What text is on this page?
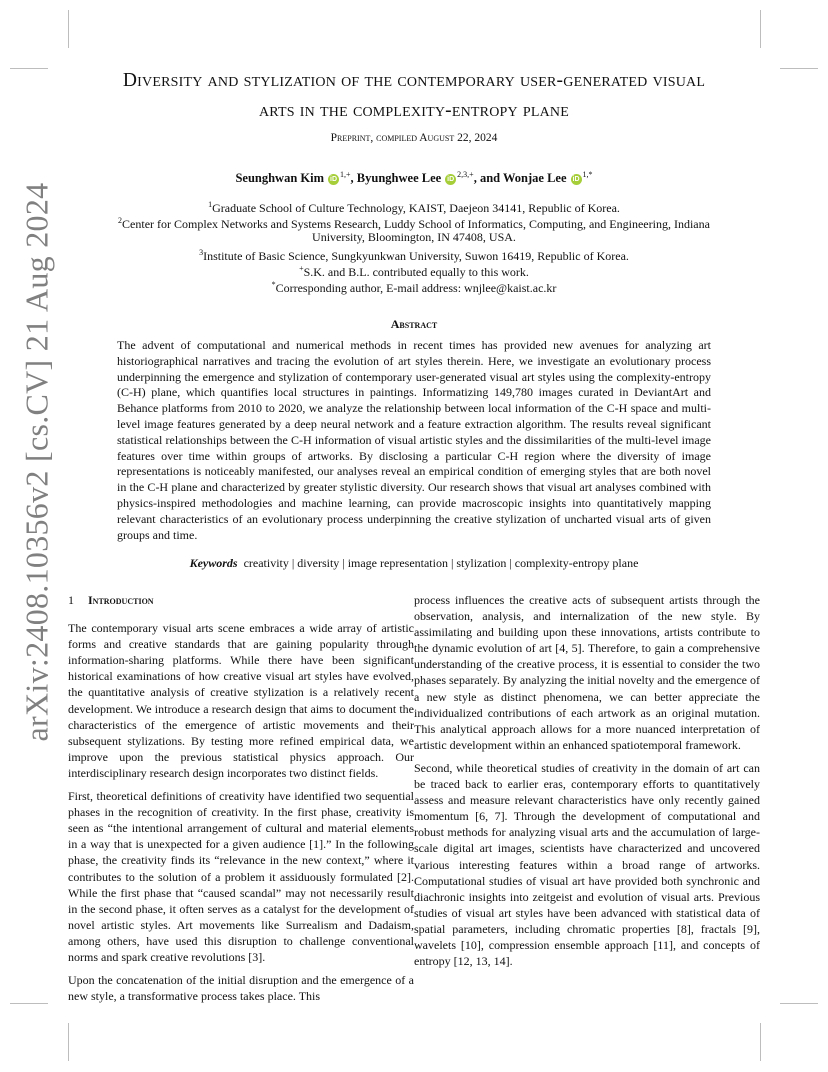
arXiv:2408.10356v2 [cs.CV] 21 Aug 2024
Diversity and stylization of the contemporary user-generated visual
arts in the complexity-entropy plane
Preprint, compiled August 22, 2024
Seunghwan Kim $iD^{1,+}$, Byunghwee Lee $iD^{2,3,+}$, and Wonjae Lee $iD^{1,*}$
$^1$Graduate School of Culture Technology, KAIST, Daejeon 34141, Republic of Korea.
$^2$Center for Complex Networks and Systems Research, Luddy School of Informatics, Computing, and Engineering, Indiana
University, Bloomington, IN 47408, USA.
$^3$Institute of Basic Science, Sungkyunkwan University, Suwon 16419, Republic of Korea.
+S.K. and B.L. contributed equally to this work.
*Corresponding author, E-mail address: wnjlee@kaist.ac.kr
Abstract

The advent of computational and numerical methods in recent times has provided new avenues for analyzing art historiographical narratives and tracing the evolution of art styles therein. Here, we investigate an evolutionary process underpinning the emergence and stylization of contemporary user-generated visual art styles using the complexity-entropy (C-H) plane, which quantifies local structures in paintings. Informatizing 149,780 images curated in DeviantArt and Behance platforms from 2010 to 2020, we analyze the relationship between local information of the C-H space and multi-level image features generated by a deep neural network and a feature extraction algorithm. The results reveal significant statistical relationships between the C-H information of visual artistic styles and the dissimilarities of the multi-level image features over time within groups of artworks. By disclosing a particular C-H region where the diversity of image representations is noticeably manifested, our analyses reveal an empirical condition of emerging styles that are both novel in the C-H plane and characterized by greater stylistic diversity. Our research shows that visual art analyses combined with physics-inspired methodologies and machine learning, can provide macroscopic insights into quantitatively mapping relevant characteristics of an evolutionary process underpinning the creative stylization of uncharted visual arts of given groups and time.

Keywords creativity | diversity | image representation | stylization | complexity-entropy plane

1 Introduction

The contemporary visual arts scene embraces a wide array of artistic forms and creative standards that are gaining popularity through information-sharing platforms. While there have been significant historical examinations of how creative visual art styles have evolved, the quantitative analysis of creative stylization is a relatively recent development. We introduce a research design that aims to document the characteristics of the emergence of artistic movements and their subsequent stylizations. By testing more refined empirical data, we improve upon the previous statistical physics approach. Our interdisciplinary research design incorporates two distinct fields.

First, theoretical definitions of creativity have identified two sequential phases in the recognition of creativity. In the first phase, creativity is seen as “the intentional arrangement of cultural and material elements in a way that is unexpected for a given audience [1].” In the following phase, the creativity finds its “relevance in the new context,” where it contributes to the solution of a problem it assiduously formulated [2]. While the first phase that “caused scandal” may not necessarily result in the second phase, it often serves as a catalyst for the development of novel artistic styles. Art movements like Surrealism and Dadaism, among others, have used this disruption to challenge conventional norms and spark creative revolutions [3].

Upon the concatenation of the initial disruption and the emergence of a new style, a transformative process takes place. This

process influences the creative acts of subsequent artists through the observation, analysis, and internalization of the new style. By assimilating and building upon these innovations, artists contribute to the dynamic evolution of art [4, 5]. Therefore, to gain a comprehensive understanding of the creative process, it is essential to consider the two phases separately. By analyzing the initial novelty and the emergence of a new style as distinct phenomena, we can better appreciate the individualized contributions of each artwork as an original mutation. This analytical approach allows for a more nuanced interpretation of artistic development within an enhanced spatiotemporal framework.

Second, while theoretical studies of creativity in the domain of art can be traced back to earlier eras, contemporary efforts to quantitatively assess and measure relevant characteristics have only recently gained momentum [6, 7]. Through the development of computational and robust methods for analyzing visual arts and the accumulation of large-scale digital art images, scientists have characterized and uncovered various interesting features within a broad range of artworks. Computational studies of visual art have provided both synchronic and diachronic insights into zeitgeist and evolution of visual arts. Previous studies of visual art styles have been advanced with statistical data of spatial parameters, including chromatic properties [8], fractals [9], wavelets [10], compression ensemble approach [11], and concepts of entropy [12, 13, 14].
